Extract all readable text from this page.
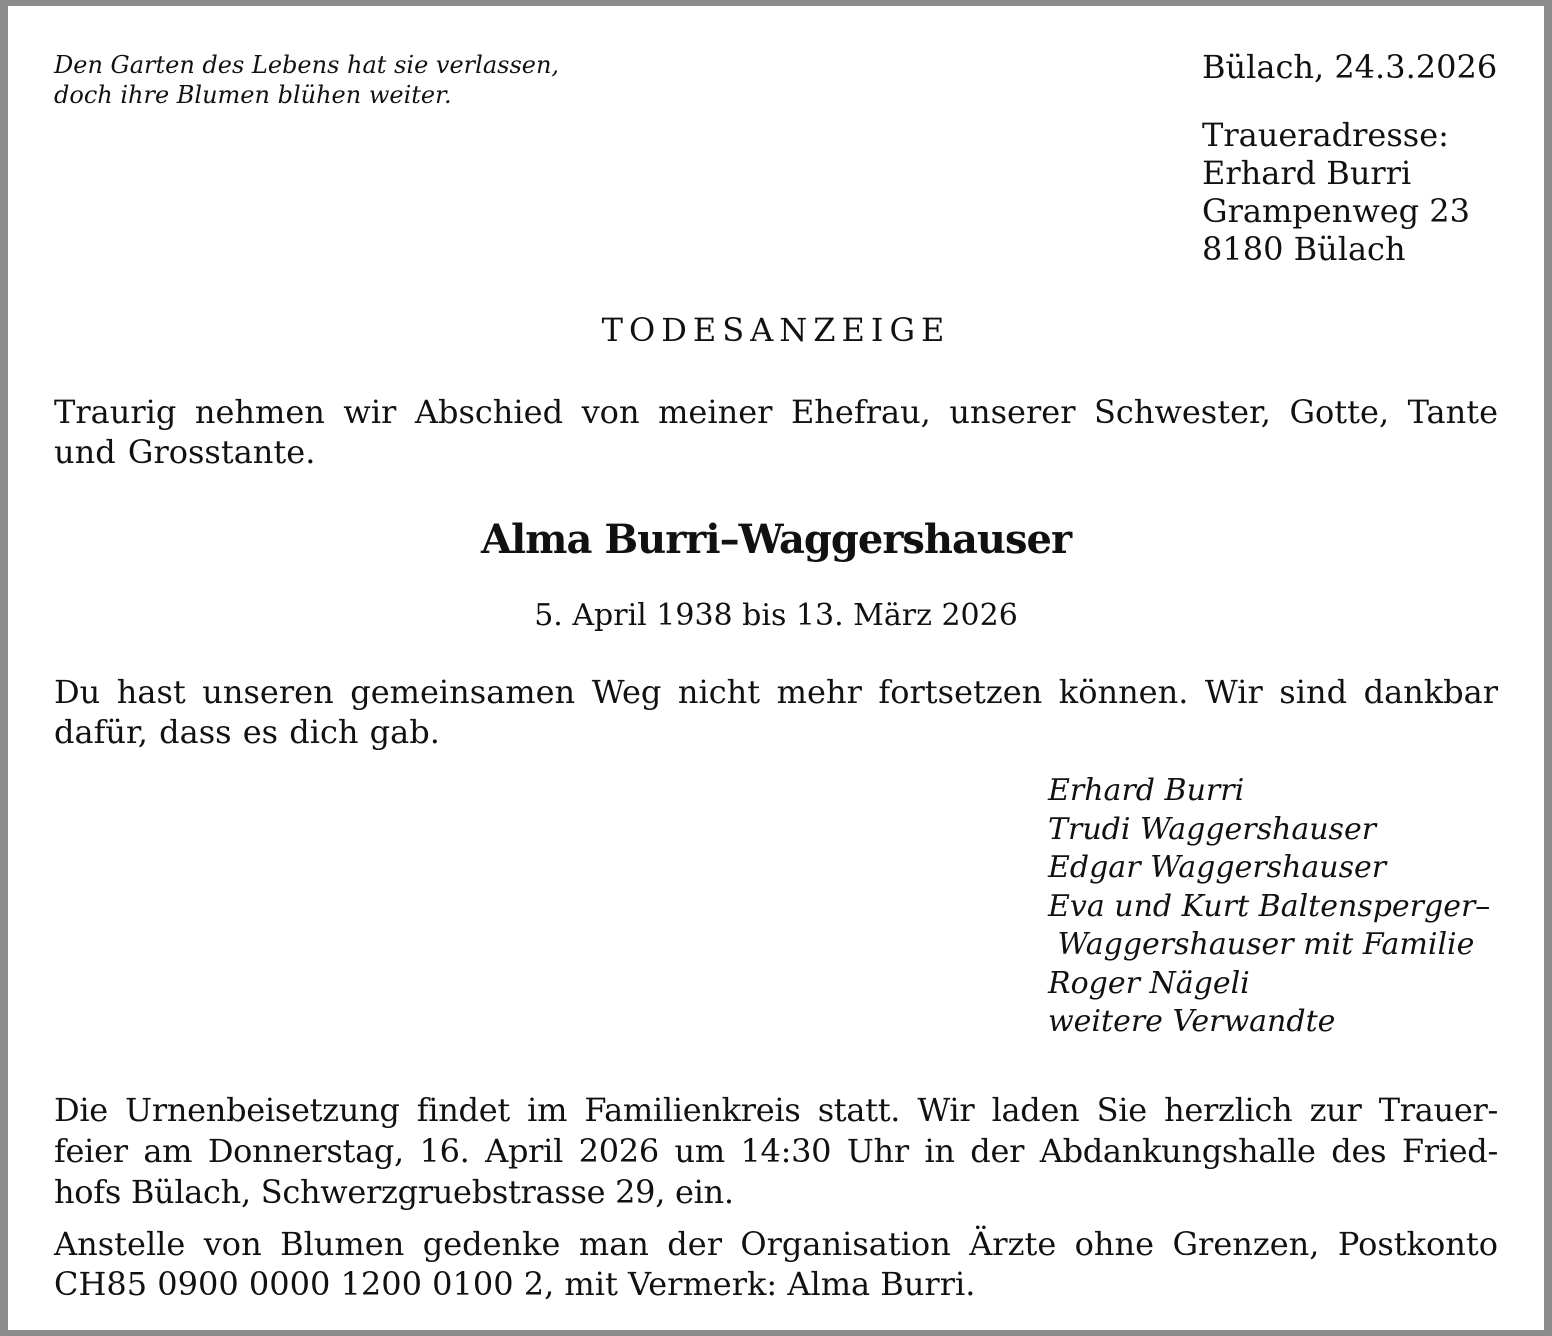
Den Garten des Lebens hat sie verlassen,
doch ihre Blumen blühen weiter.
Bülach, 24.3.2026
Traueradresse:
Erhard Burri
Grampenweg 23
8180 Bülach
TODESANZEIGE
Traurig nehmen wir Abschied von meiner Ehefrau, unserer Schwester, Gotte, Tante und Grosstante.
Alma Burri–Waggershauser
5. April 1938 bis 13. März 2026
Du hast unseren gemeinsamen Weg nicht mehr fortsetzen können. Wir sind dankbar dafür, dass es dich gab.
Erhard Burri
Trudi Waggershauser
Edgar Waggershauser
Eva und Kurt Baltensperger–
Waggershauser mit Familie
Roger Nägeli
weitere Verwandte
Die Urnenbeisetzung findet im Familienkreis statt. Wir laden Sie herzlich zur Trauer-
feier am Donnerstag, 16. April 2026 um 14:30 Uhr in der Abdankungshalle des Fried-
hofs Bülach, Schwerzgruebstrasse 29, ein.
Anstelle von Blumen gedenke man der Organisation Ärzte ohne Grenzen, Postkonto CH85 0900 0000 1200 0100 2, mit Vermerk: Alma Burri.
